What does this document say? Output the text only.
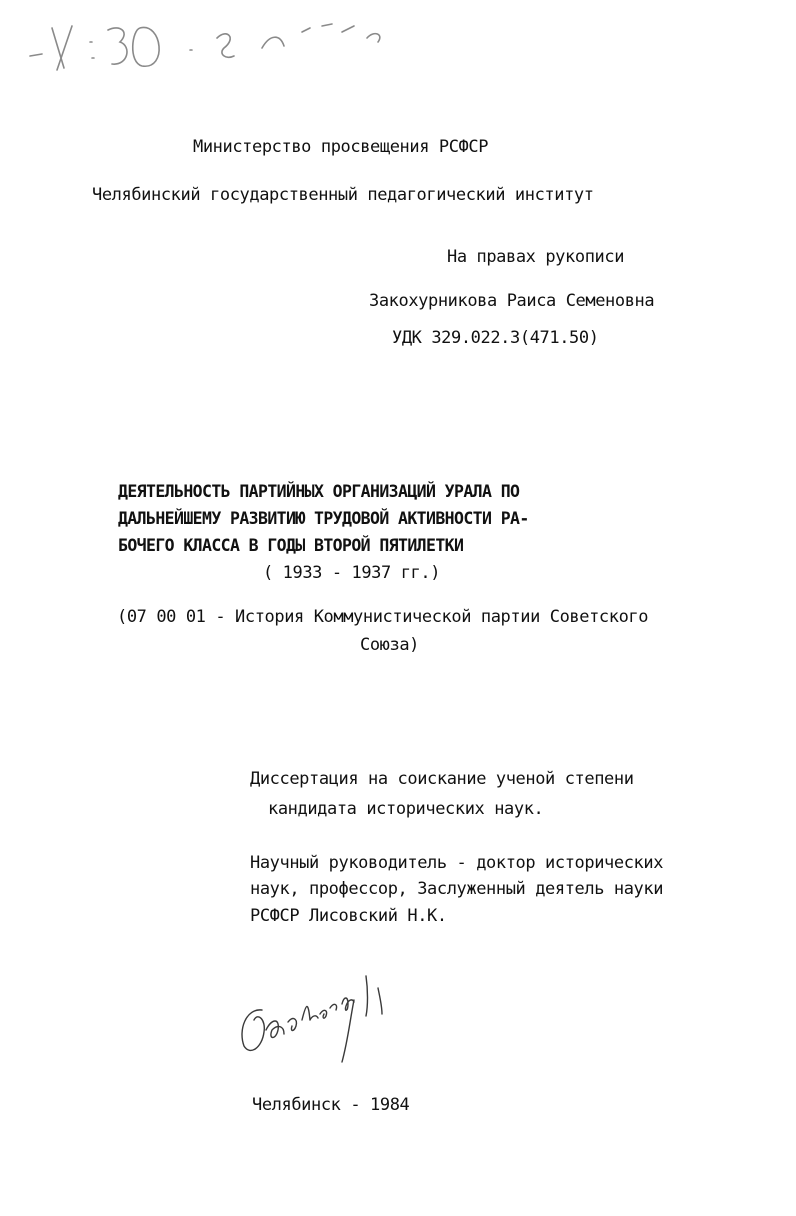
Министерство просвещения РСФСР
Челябинский государственный педагогический институт
На правах рукописи
Закохурникова Раиса Семеновна
УДК 329.022.3(471.50)
ДЕЯТЕЛЬНОСТЬ ПАРТИЙНЫХ ОРГАНИЗАЦИЙ УРАЛА ПО
ДАЛЬНЕЙШЕМУ РАЗВИТИЮ ТРУДОВОЙ АКТИВНОСТИ РА-
БОЧЕГО КЛАССА В ГОДЫ ВТОРОЙ ПЯТИЛЕТКИ
( 1933 - 1937 гг.)
(07 00 01 - История Коммунистической партии Советского
Союза)
Диссертация на соискание ученой степени
кандидата исторических наук.
Научный руководитель - доктор исторических
наук, профессор, Заслуженный деятель науки
РСФСР Лисовский Н.К.
Челябинск - 1984
